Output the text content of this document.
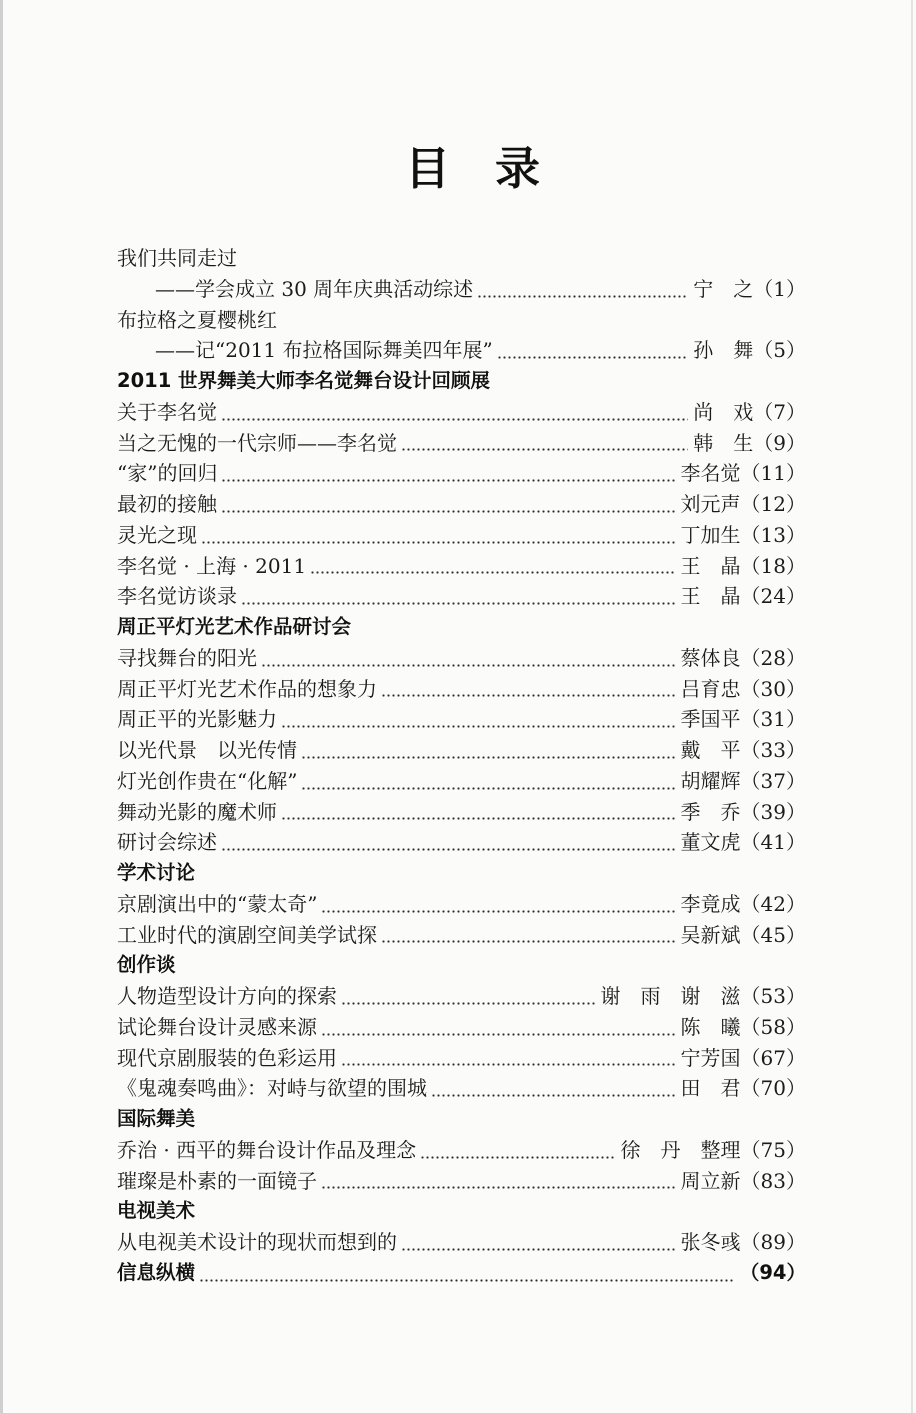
目　录
我们共同走过
——学会成立 30 周年庆典活动综述	宁　之 （1）
布拉格之夏樱桃红
——记“2011 布拉格国际舞美四年展”	孙　舞 （5）
2011 世界舞美大师李名觉舞台设计回顾展
关于李名觉	尚　戏 （7）
当之无愧的一代宗师——李名觉	韩　生 （9）
“家”的回归	李名觉 （11）
最初的接触	刘元声 （12）
灵光之现	丁加生 （13）
李名觉 · 上海 · 2011	王　晶 （18）
李名觉访谈录	王　晶 （24）
周正平灯光艺术作品研讨会
寻找舞台的阳光	蔡体良 （28）
周正平灯光艺术作品的想象力	吕育忠 （30）
周正平的光影魅力	季国平 （31）
以光代景　以光传情	戴　平 （33）
灯光创作贵在“化解”	胡耀辉 （37）
舞动光影的魔术师	季　乔 （39）
研讨会综述	董文虎 （41）
学术讨论
京剧演出中的“蒙太奇”	李竟成 （42）
工业时代的演剧空间美学试探	吴新斌 （45）
创作谈
人物造型设计方向的探索	谢　雨　谢　滋 （53）
试论舞台设计灵感来源	陈　曦 （58）
现代京剧服装的色彩运用	宁芳国 （67）
《鬼魂奏鸣曲》：对峙与欲望的围城	田　君 （70）
国际舞美
乔治 · 西平的舞台设计作品及理念	徐　丹　整理 （75）
璀璨是朴素的一面镜子	周立新 （83）
电视美术
从电视美术设计的现状而想到的	张冬彧 （89）
信息纵横	（94）
